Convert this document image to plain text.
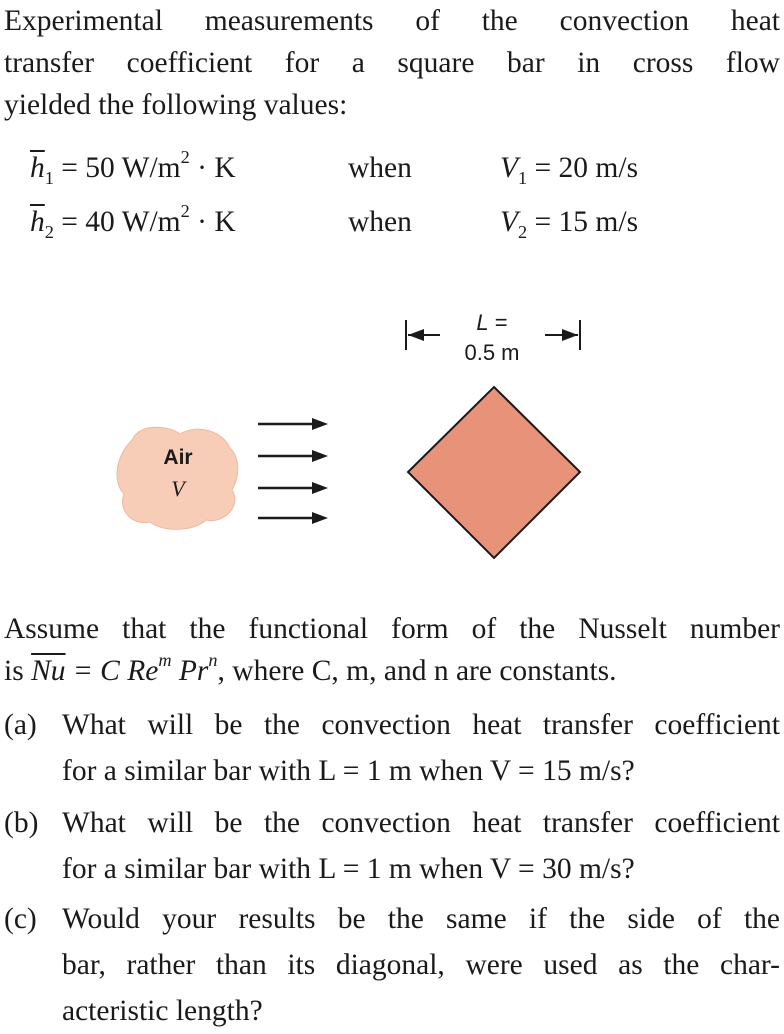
Experimental measurements of the convection heat
transfer coefficient for a square bar in cross flow
yielded the following values:
$\overline{h}_1 = 50$ $W/m^2 \cdot K$	when	$V_1 = 20$ m/s
$\overline{h}_2 = 40$ $W/m^2 \cdot K$	when	$V_2 = 15$ m/s
L =
0.5 m
Air
V
Assume that the functional form of the Nusselt number
is $\overline{Nu} = C$ Re$^m$ Pr$^n$, where C, m, and n are constants.
(a) What will be the convection heat transfer coefficient
for a similar bar with L = 1 m when V = 15 m/s?
(b) What will be the convection heat transfer coefficient
for a similar bar with L = 1 m when V = 30 m/s?
(c) Would your results be the same if the side of the
bar, rather than its diagonal, were used as the char-
acteristic length?
